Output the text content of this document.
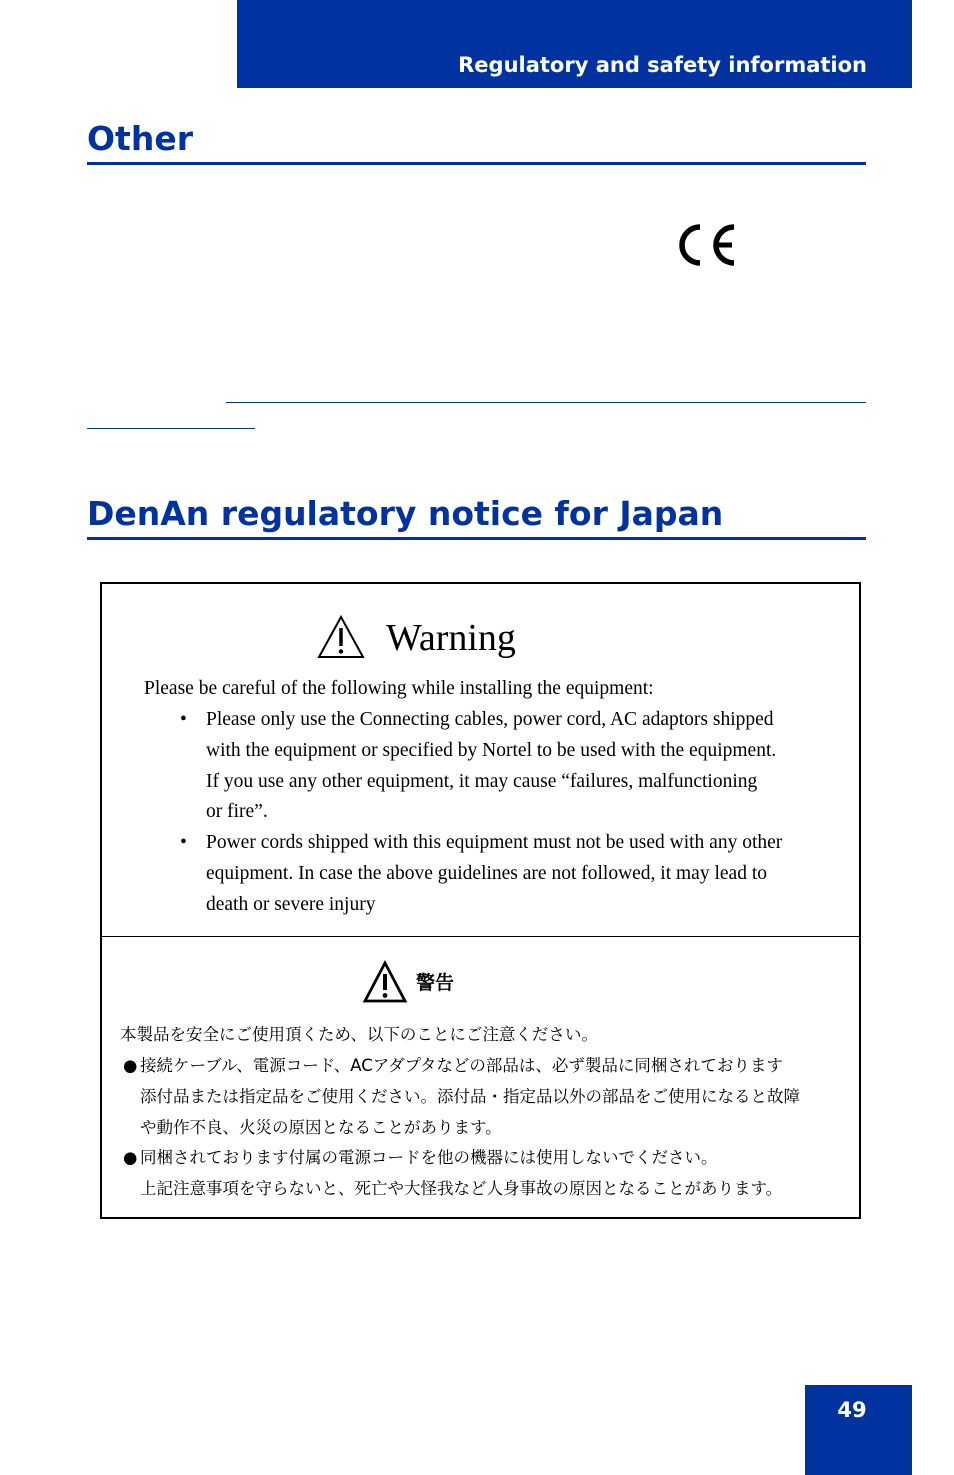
Regulatory and safety information
Other
DenAn regulatory notice for Japan
Warning
Please be careful of the following while installing the equipment:
• Please only use the Connecting cables, power cord, AC adaptors shipped
with the equipment or specified by Nortel to be used with the equipment.
If you use any other equipment, it may cause “failures, malfunctioning
or fire”.
• Power cords shipped with this equipment must not be used with any other
equipment. In case the above guidelines are not followed, it may lead to
death or severe injury
警告
本製品を安全にご使用頂くため、以下のことにご注意ください。
● 接続ケーブル、電源コード、ACアダプタなどの部品は、必ず製品に同梱されております
添付品または指定品をご使用ください。添付品・指定品以外の部品をご使用になると故障
や動作不良、火災の原因となることがあります。
● 同梱されております付属の電源コードを他の機器には使用しないでください。
上記注意事項を守らないと、死亡や大怪我など人身事故の原因となることがあります。
49
